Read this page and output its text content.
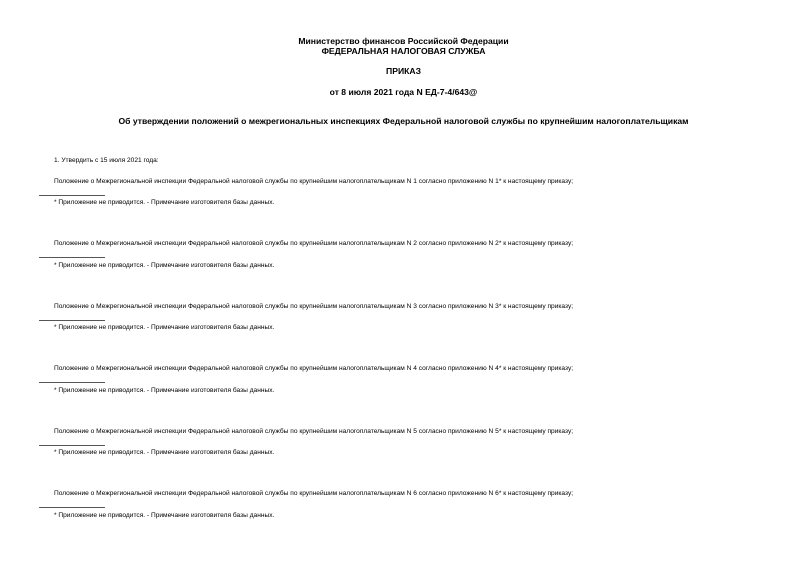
Министерство финансов Российской Федерации
ФЕДЕРАЛЬНАЯ НАЛОГОВАЯ СЛУЖБА
ПРИКАЗ
от 8 июля 2021 года N ЕД-7-4/643@
Об утверждении положений о межрегиональных инспекциях Федеральной налоговой службы по крупнейшим налогоплательщикам
1. Утвердить с 15 июля 2021 года:
Положение о Межрегиональной инспекции Федеральной налоговой службы по крупнейшим налогоплательщикам N 1 согласно приложению N 1* к настоящему приказу;
* Приложение не приводится. - Примечание изготовителя базы данных.
Положение о Межрегиональной инспекции Федеральной налоговой службы по крупнейшим налогоплательщикам N 2 согласно приложению N 2* к настоящему приказу;
* Приложение не приводится. - Примечание изготовителя базы данных.
Положение о Межрегиональной инспекции Федеральной налоговой службы по крупнейшим налогоплательщикам N 3 согласно приложению N 3* к настоящему приказу;
* Приложение не приводится. - Примечание изготовителя базы данных.
Положение о Межрегиональной инспекции Федеральной налоговой службы по крупнейшим налогоплательщикам N 4 согласно приложению N 4* к настоящему приказу;
* Приложение не приводится. - Примечание изготовителя базы данных.
Положение о Межрегиональной инспекции Федеральной налоговой службы по крупнейшим налогоплательщикам N 5 согласно приложению N 5* к настоящему приказу;
* Приложение не приводится. - Примечание изготовителя базы данных.
Положение о Межрегиональной инспекции Федеральной налоговой службы по крупнейшим налогоплательщикам N 6 согласно приложению N 6* к настоящему приказу;
* Приложение не приводится. - Примечание изготовителя базы данных.
